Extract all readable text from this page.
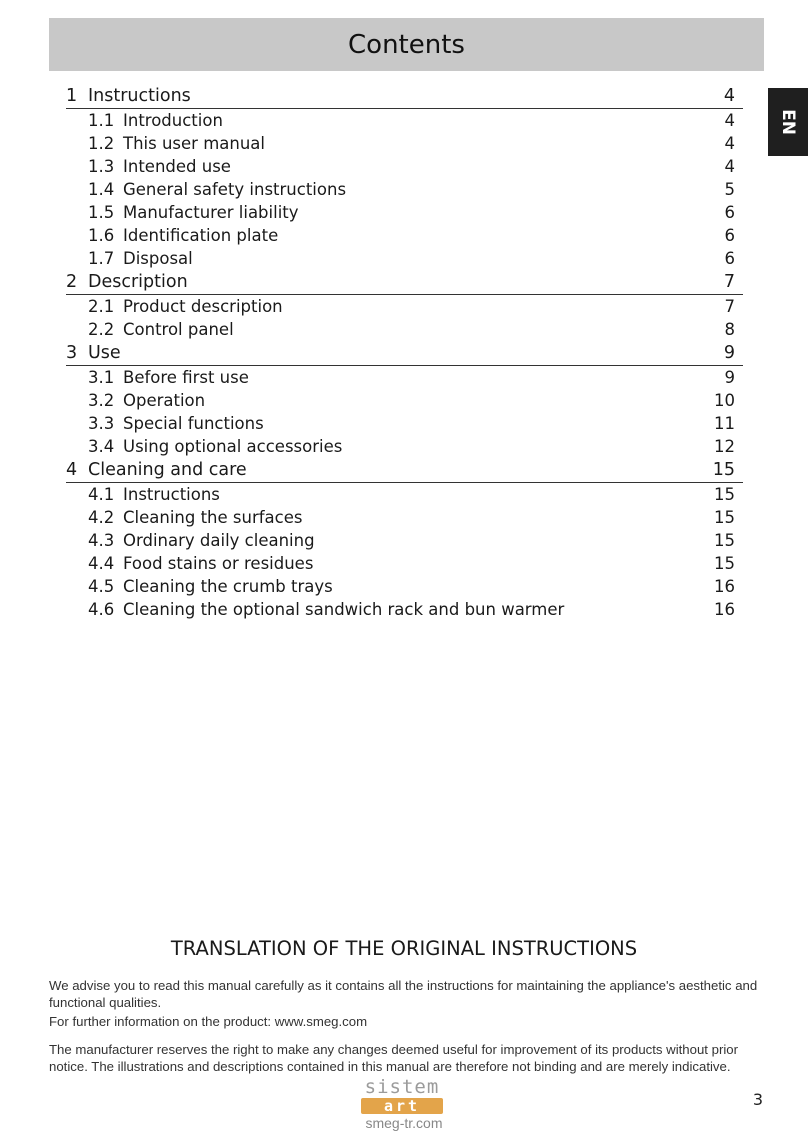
Contents
EN
1 Instructions	4
1.1 Introduction	4
1.2 This user manual	4
1.3 Intended use	4
1.4 General safety instructions	5
1.5 Manufacturer liability	6
1.6 Identification plate	6
1.7 Disposal	6
2 Description	7
2.1 Product description	7
2.2 Control panel	8
3 Use	9
3.1 Before first use	9
3.2 Operation	10
3.3 Special functions	11
3.4 Using optional accessories	12
4 Cleaning and care	15
4.1 Instructions	15
4.2 Cleaning the surfaces	15
4.3 Ordinary daily cleaning	15
4.4 Food stains or residues	15
4.5 Cleaning the crumb trays	16
4.6 Cleaning the optional sandwich rack and bun warmer	16
TRANSLATION OF THE ORIGINAL INSTRUCTIONS
We advise you to read this manual carefully as it contains all the instructions for maintaining the appliance's aesthetic and functional qualities.
For further information on the product: www.smeg.com
The manufacturer reserves the right to make any changes deemed useful for improvement of its products without prior notice. The illustrations and descriptions contained in this manual are therefore not binding and are merely indicative.
sistem
art
smeg-tr.com
3
